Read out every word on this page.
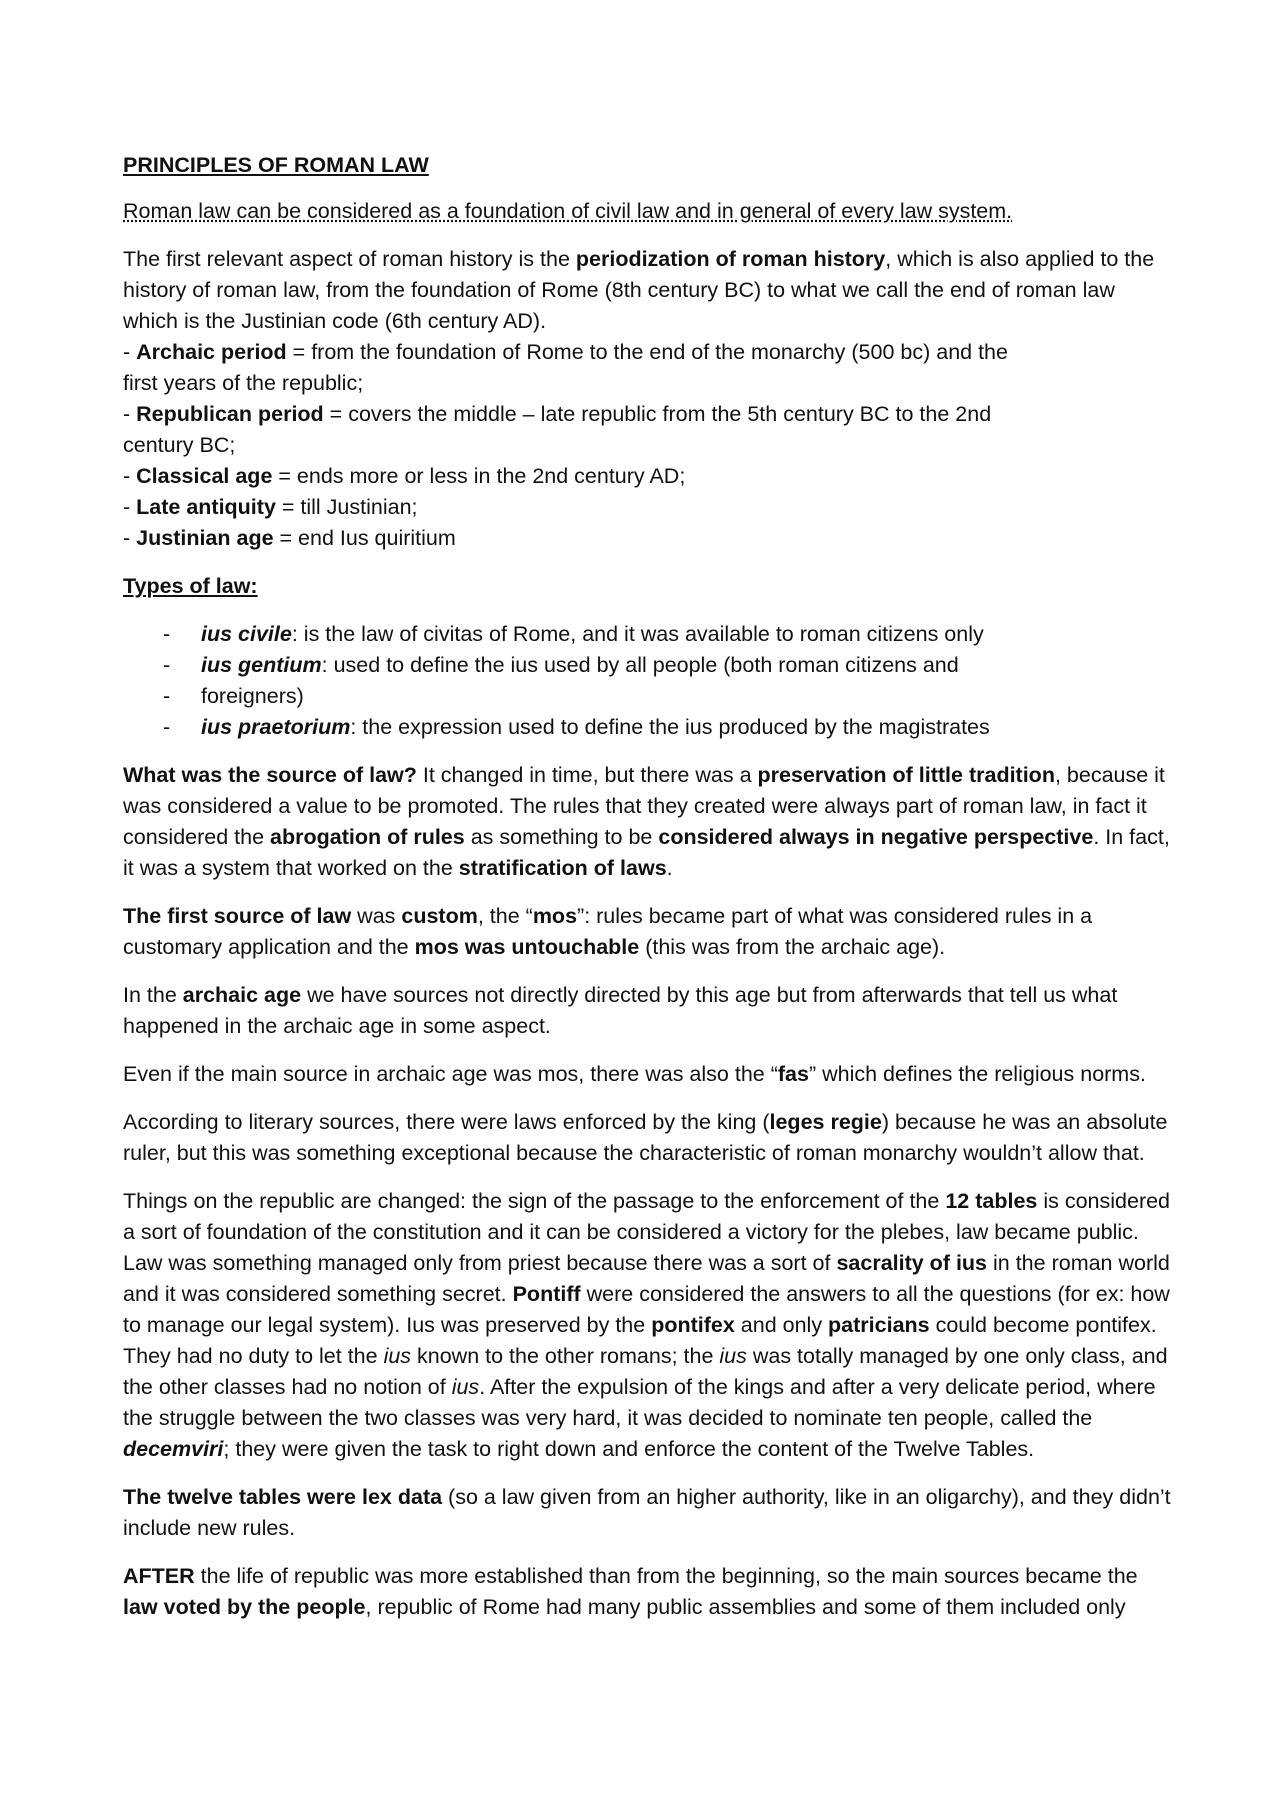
PRINCIPLES OF ROMAN LAW

Roman law can be considered as a foundation of civil law and in general of every law system.

The first relevant aspect of roman history is the periodization of roman history, which is also applied to the history of roman law, from the foundation of Rome (8th century BC) to what we call the end of roman law which is the Justinian code (6th century AD).

- Archaic period = from the foundation of Rome to the end of the monarchy (500 bc) and the
first years of the republic;

- Republican period = covers the middle – late republic from the 5th century BC to the 2nd
century BC;

- Classical age = ends more or less in the 2nd century AD;

- Late antiquity = till Justinian;

- Justinian age = end Ius quiritium

Types of law:

- ius civile: is the law of civitas of Rome, and it was available to roman citizens only
- ius gentium: used to define the ius used by all people (both roman citizens and
- foreigners)
- ius praetorium: the expression used to define the ius produced by the magistrates

What was the source of law? It changed in time, but there was a preservation of little tradition, because it was considered a value to be promoted. The rules that they created were always part of roman law, in fact it considered the abrogation of rules as something to be considered always in negative perspective. In fact, it was a system that worked on the stratification of laws.

The first source of law was custom, the “mos”: rules became part of what was considered rules in a customary application and the mos was untouchable (this was from the archaic age).

In the archaic age we have sources not directly directed by this age but from afterwards that tell us what happened in the archaic age in some aspect.

Even if the main source in archaic age was mos, there was also the “fas” which defines the religious norms.

According to literary sources, there were laws enforced by the king (leges regie) because he was an absolute ruler, but this was something exceptional because the characteristic of roman monarchy wouldn’t allow that.

Things on the republic are changed: the sign of the passage to the enforcement of the 12 tables is considered a sort of foundation of the constitution and it can be considered a victory for the plebes, law became public. Law was something managed only from priest because there was a sort of sacrality of ius in the roman world and it was considered something secret. Pontiff were considered the answers to all the questions (for ex: how to manage our legal system). Ius was preserved by the pontifex and only patricians could become pontifex. They had no duty to let the ius known to the other romans; the ius was totally managed by one only class, and the other classes had no notion of ius. After the expulsion of the kings and after a very delicate period, where the struggle between the two classes was very hard, it was decided to nominate ten people, called the decemviri; they were given the task to right down and enforce the content of the Twelve Tables.

The twelve tables were lex data (so a law given from an higher authority, like in an oligarchy), and they didn’t include new rules.

AFTER the life of republic was more established than from the beginning, so the main sources became the law voted by the people, republic of Rome had many public assemblies and some of them included only
